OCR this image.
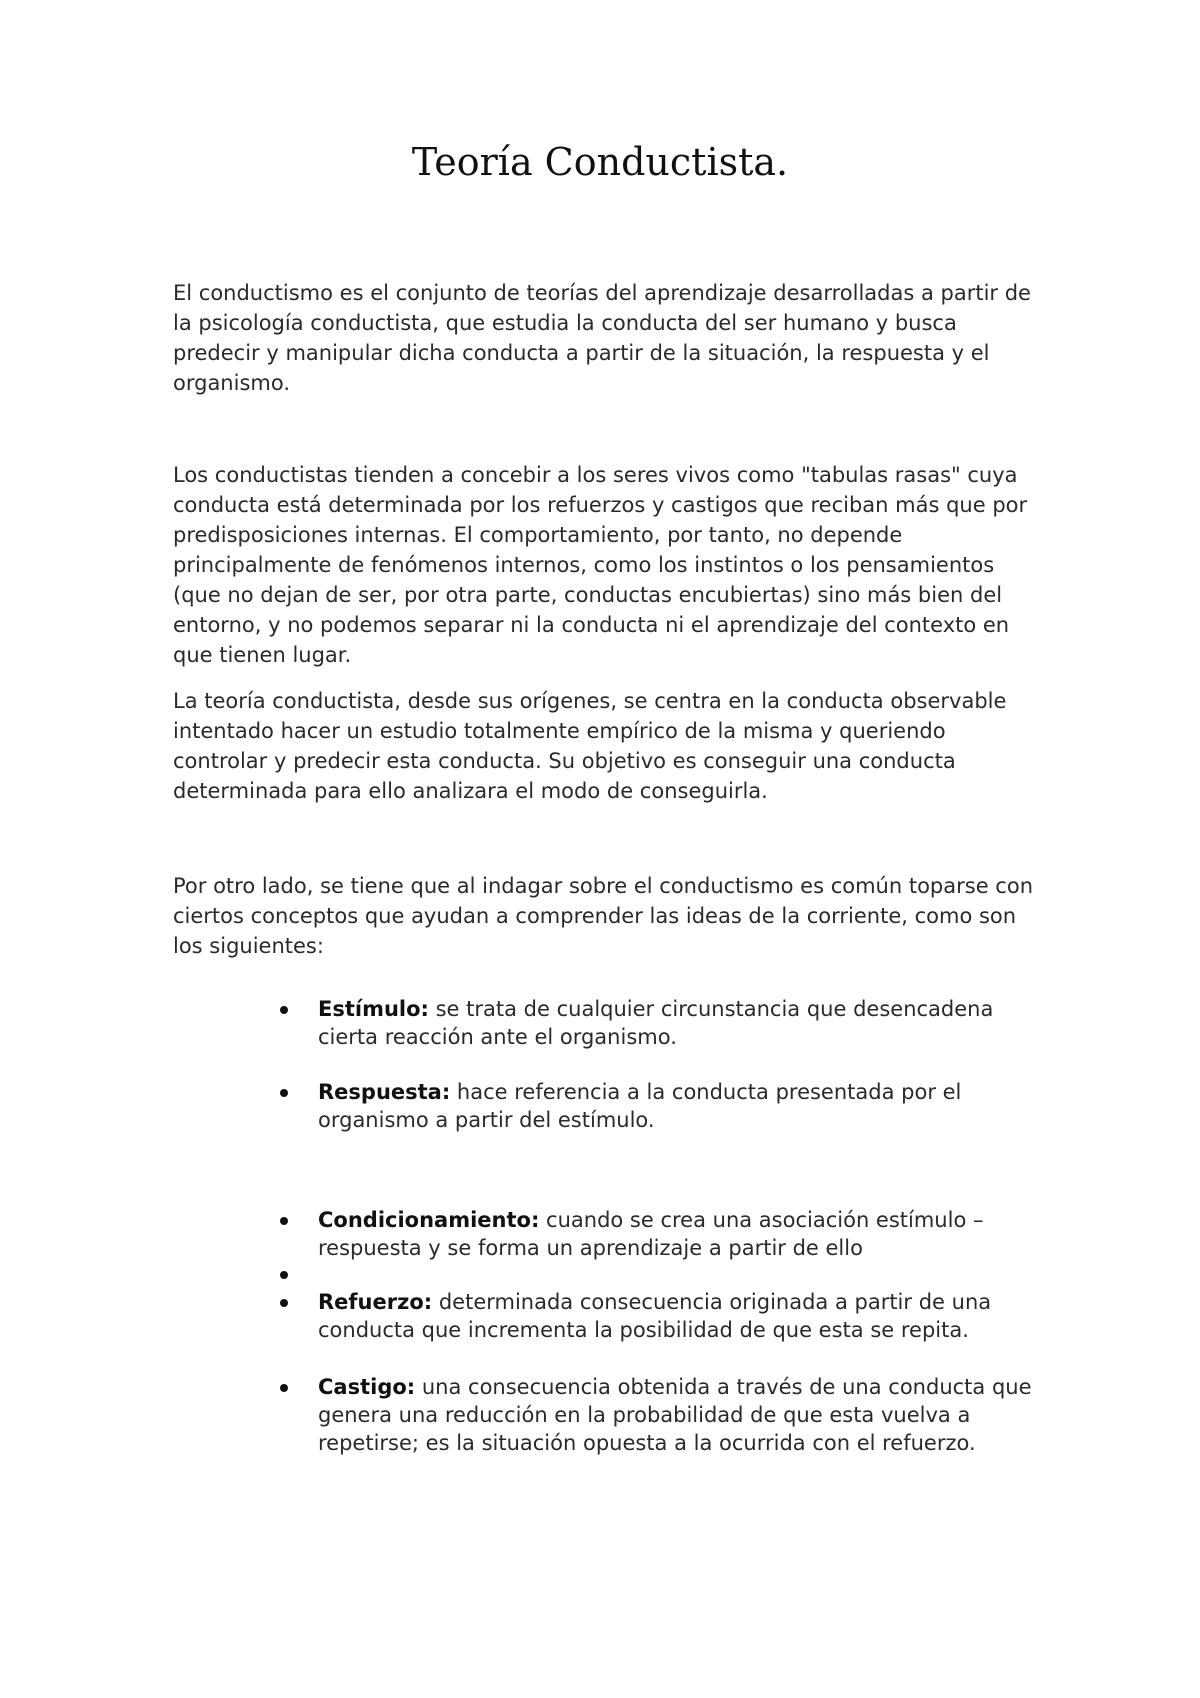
Teoría Conductista.

El conductismo es el conjunto de teorías del aprendizaje desarrolladas a partir de la psicología conductista, que estudia la conducta del ser humano y busca predecir y manipular dicha conducta a partir de la situación, la respuesta y el organismo.

Los conductistas tienden a concebir a los seres vivos como "tabulas rasas" cuya conducta está determinada por los refuerzos y castigos que reciban más que por predisposiciones internas. El comportamiento, por tanto, no depende principalmente de fenómenos internos, como los instintos o los pensamientos (que no dejan de ser, por otra parte, conductas encubiertas) sino más bien del entorno, y no podemos separar ni la conducta ni el aprendizaje del contexto en que tienen lugar.

La teoría conductista, desde sus orígenes, se centra en la conducta observable intentado hacer un estudio totalmente empírico de la misma y queriendo controlar y predecir esta conducta. Su objetivo es conseguir una conducta determinada para ello analizara el modo de conseguirla.

Por otro lado, se tiene que al indagar sobre el conductismo es común toparse con ciertos conceptos que ayudan a comprender las ideas de la corriente, como son los siguientes:

Estímulo: se trata de cualquier circunstancia que desencadena cierta reacción ante el organismo.
Respuesta: hace referencia a la conducta presentada por el organismo a partir del estímulo.
Condicionamiento: cuando se crea una asociación estímulo – respuesta y se forma un aprendizaje a partir de ello
Refuerzo: determinada consecuencia originada a partir de una conducta que incrementa la posibilidad de que esta se repita.
Castigo: una consecuencia obtenida a través de una conducta que genera una reducción en la probabilidad de que esta vuelva a repetirse; es la situación opuesta a la ocurrida con el refuerzo.
